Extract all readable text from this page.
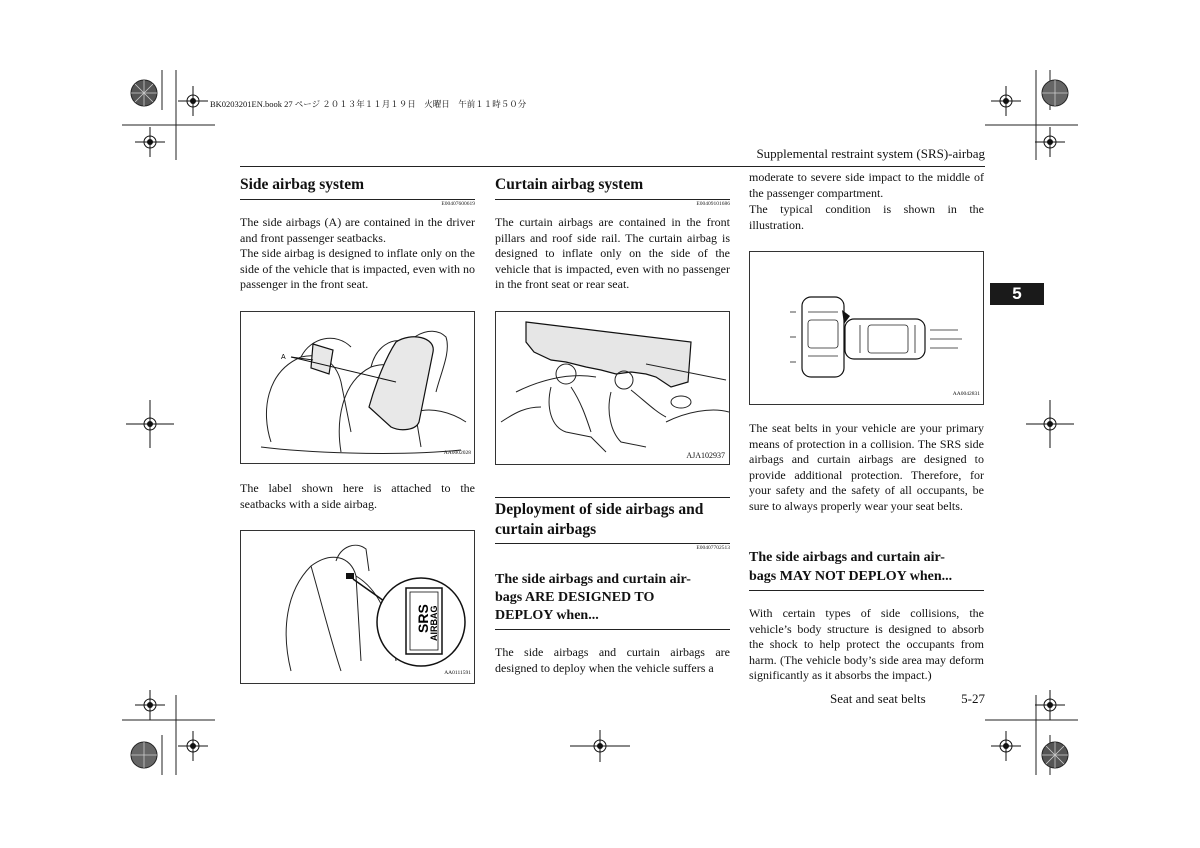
BK0203201EN.book 27 ページ ２０１３年１１月１９日　火曜日　午前１１時５０分
Supplemental restraint system (SRS)-airbag
5
Side airbag system
E00407600619
The side airbags (A) are contained in the driver and front passenger seatbacks.
The side airbag is designed to inflate only on the side of the vehicle that is impacted, even with no passenger in the front seat.
A
AA0002028
The label shown here is attached to the seatbacks with a side airbag.
SRS
AIRBAG
AA0111591
Curtain airbag system
E00409101686
The curtain airbags are contained in the front pillars and roof side rail. The curtain airbag is designed to inflate only on the side of the vehicle that is impacted, even with no passenger in the front seat or rear seat.
AJA102937
Deployment of side airbags and
curtain airbags
E00407702513
The side airbags and curtain air-
bags ARE DESIGNED TO
DEPLOY when...
The side airbags and curtain airbags are designed to deploy when the vehicle suffers a
moderate to severe side impact to the middle of the passenger compartment.
The typical condition is shown in the illustration.
AA0042831
The seat belts in your vehicle are your primary means of protection in a collision. The SRS side airbags and curtain airbags are designed to provide additional protection. Therefore, for your safety and the safety of all occupants, be sure to always properly wear your seat belts.
The side airbags and curtain air-
bags MAY NOT DEPLOY when...
With certain types of side collisions, the vehicle’s body structure is designed to absorb the shock to help protect the occupants from harm. (The vehicle body’s side area may deform significantly as it absorbs the impact.)
Seat and seat belts	5-27
